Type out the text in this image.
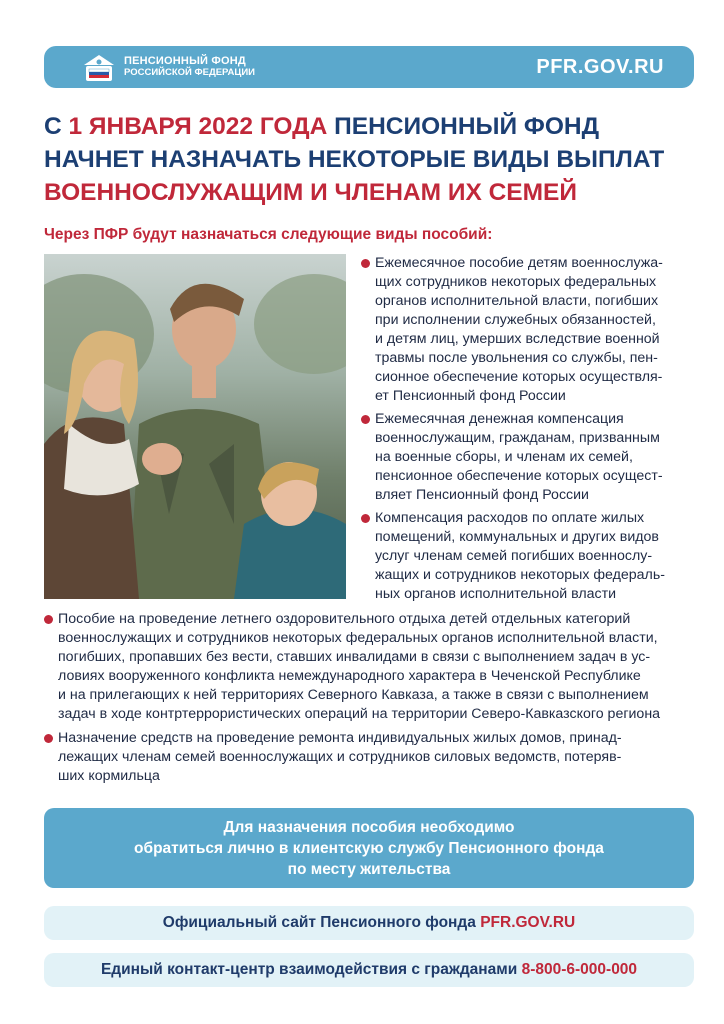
ПЕНСИОННЫЙ ФОНД
РОССИЙСКОЙ ФЕДЕРАЦИИ	PFR.GOV.RU
С 1 ЯНВАРЯ 2022 ГОДА ПЕНСИОННЫЙ ФОНД
НАЧНЕТ НАЗНАЧАТЬ НЕКОТОРЫЕ ВИДЫ ВЫПЛАТ
ВОЕННОСЛУЖАЩИМ И ЧЛЕНАМ ИХ СЕМЕЙ
Через ПФР будут назначаться следующие виды пособий:
Ежемесячное пособие детям военнослужа-
щих сотрудников некоторых федеральных
органов исполнительной власти, погибших
при исполнении служебных обязанностей,
и детям лиц, умерших вследствие военной
травмы после увольнения со службы, пен-
сионное обеспечение которых осуществля-
ет Пенсионный фонд России
Ежемесячная денежная компенсация
военнослужащим, гражданам, призванным
на военные сборы, и членам их семей,
пенсионное обеспечение которых осущест-
вляет Пенсионный фонд России
Компенсация расходов по оплате жилых
помещений, коммунальных и других видов
услуг членам семей погибших военнослу-
жащих и сотрудников некоторых федераль-
ных органов исполнительной власти
Пособие на проведение летнего оздоровительного отдыха детей отдельных категорий
военнослужащих и сотрудников некоторых федеральных органов исполнительной власти,
погибших, пропавших без вести, ставших инвалидами в связи с выполнением задач в ус-
ловиях вооруженного конфликта немеждународного характера в Чеченской Республике
и на прилегающих к ней территориях Северного Кавказа, а также в связи с выполнением
задач в ходе контртеррористических операций на территории Северо-Кавказского региона
Назначение средств на проведение ремонта индивидуальных жилых домов, принад-
лежащих членам семей военнослужащих и сотрудников силовых ведомств, потеряв-
ших кормильца
Для назначения пособия необходимо
обратиться лично в клиентскую службу Пенсионного фонда
по месту жительства
Официальный сайт Пенсионного фонда PFR.GOV.RU
Единый контакт-центр взаимодействия с гражданами 8-800-6-000-000
